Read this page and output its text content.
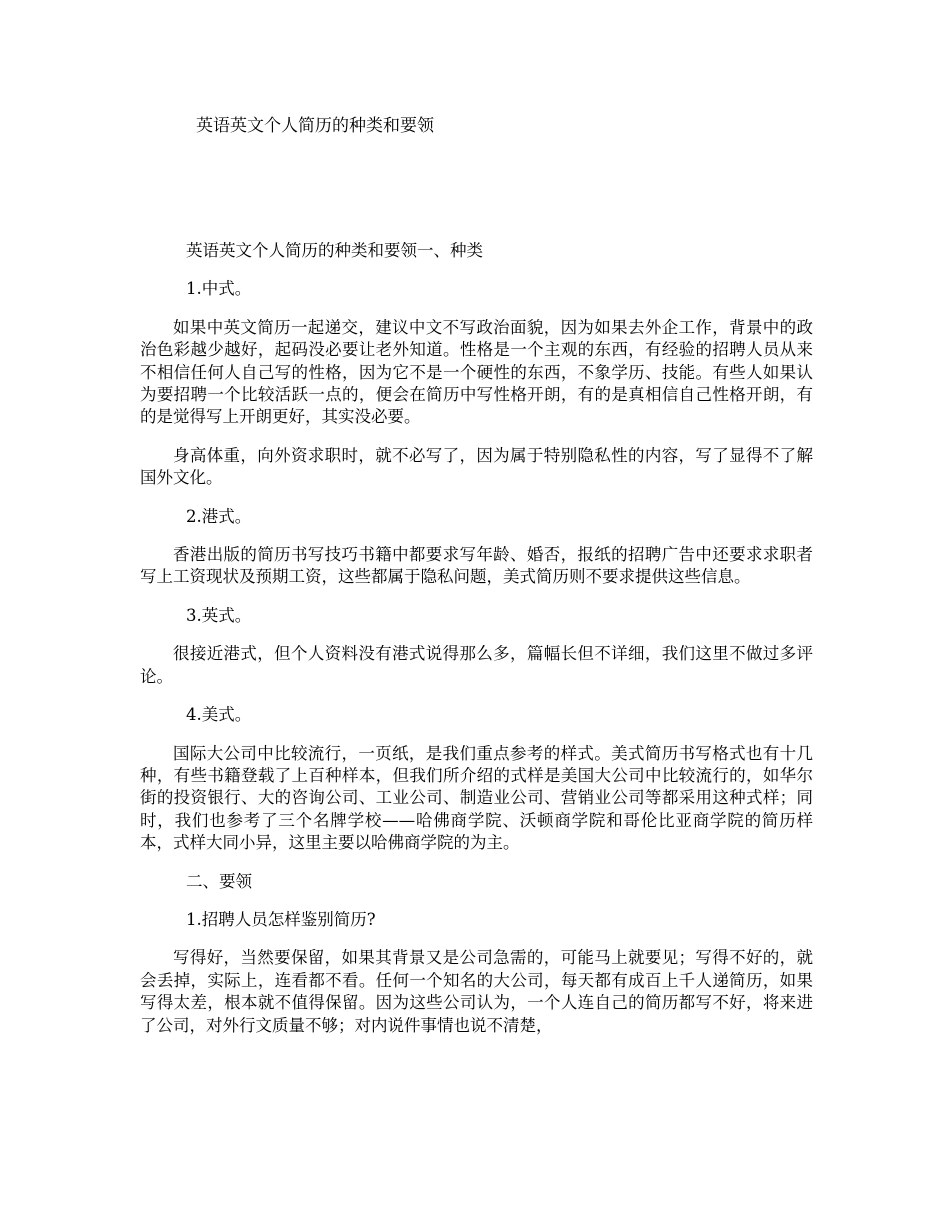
英语英文个人简历的种类和要领

英语英文个人简历的种类和要领一、种类

1.中式。

如果中英文简历一起递交，建议中文不写政治面貌，因为如果去外企工作，背景中的政治色彩越少越好，起码没必要让老外知道。性格是一个主观的东西，有经验的招聘人员从来不相信任何人自己写的性格，因为它不是一个硬性的东西，不象学历、技能。有些人如果认为要招聘一个比较活跃一点的，便会在简历中写性格开朗，有的是真相信自己性格开朗，有的是觉得写上开朗更好，其实没必要。

身高体重，向外资求职时，就不必写了，因为属于特别隐私性的内容，写了显得不了解国外文化。

2.港式。

香港出版的简历书写技巧书籍中都要求写年龄、婚否，报纸的招聘广告中还要求求职者写上工资现状及预期工资，这些都属于隐私问题，美式简历则不要求提供这些信息。

3.英式。

很接近港式，但个人资料没有港式说得那么多，篇幅长但不详细，我们这里不做过多评论。

4.美式。

国际大公司中比较流行，一页纸，是我们重点参考的样式。美式简历书写格式也有十几种，有些书籍登载了上百种样本，但我们所介绍的式样是美国大公司中比较流行的，如华尔街的投资银行、大的咨询公司、工业公司、制造业公司、营销业公司等都采用这种式样；同时，我们也参考了三个名牌学校——哈佛商学院、沃顿商学院和哥伦比亚商学院的简历样本，式样大同小异，这里主要以哈佛商学院的为主。

二、要领

1.招聘人员怎样鉴别简历?

写得好，当然要保留，如果其背景又是公司急需的，可能马上就要见；写得不好的，就会丢掉，实际上，连看都不看。任何一个知名的大公司，每天都有成百上千人递简历，如果写得太差，根本就不值得保留。因为这些公司认为，一个人连自己的简历都写不好，将来进了公司，对外行文质量不够；对内说件事情也说不清楚，
